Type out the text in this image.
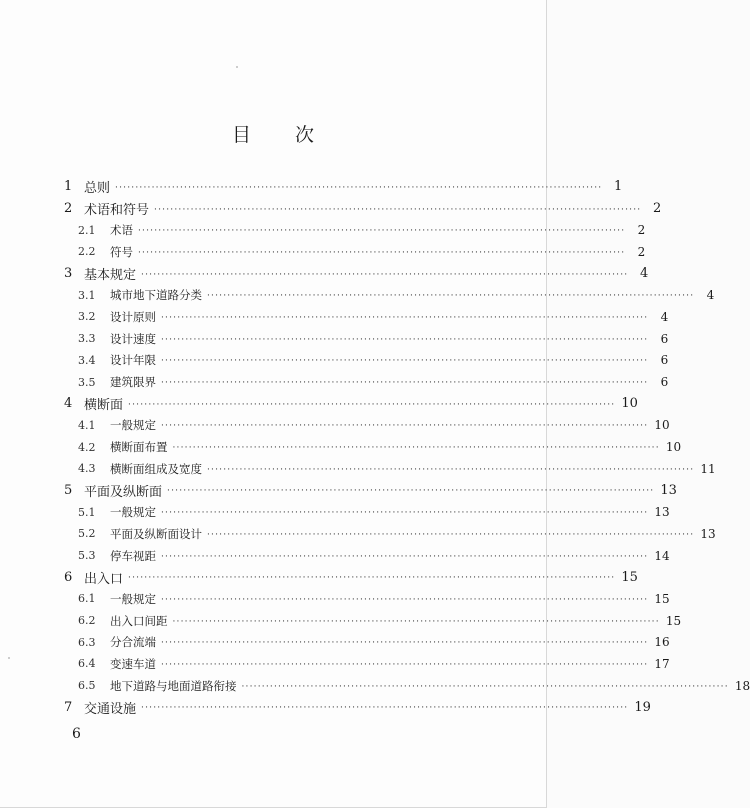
目 次
1 总则 ························································································································ 1
2 术语和符号 ························································································································ 2
2.1	术语 ························································································································	2
2.2	符号 ························································································································	2
3 基本规定 ························································································································ 4
3.1	城市地下道路分类 ························································································································	4
3.2	设计原则 ························································································································	4
3.3	设计速度 ························································································································	6
3.4	设计年限 ························································································································	6
3.5	建筑限界 ························································································································	6
4 横断面 ························································································································ 10
4.1	一般规定 ························································································································ 10
4.2	横断面布置 ························································································································ 10
4.3	横断面组成及宽度 ························································································································ 11
5 平面及纵断面 ························································································································ 13
5.1	一般规定 ························································································································ 13
5.2	平面及纵断面设计 ························································································································ 13
5.3	停车视距 ························································································································ 14
6 出入口 ························································································································ 15
6.1	一般规定 ························································································································ 15
6.2	出入口间距 ························································································································ 15
6.3	分合流端 ························································································································ 16
6.4	变速车道 ························································································································ 17
6.5	地下道路与地面道路衔接 ························································································································ 18
7 交通设施 ························································································································ 19
6
